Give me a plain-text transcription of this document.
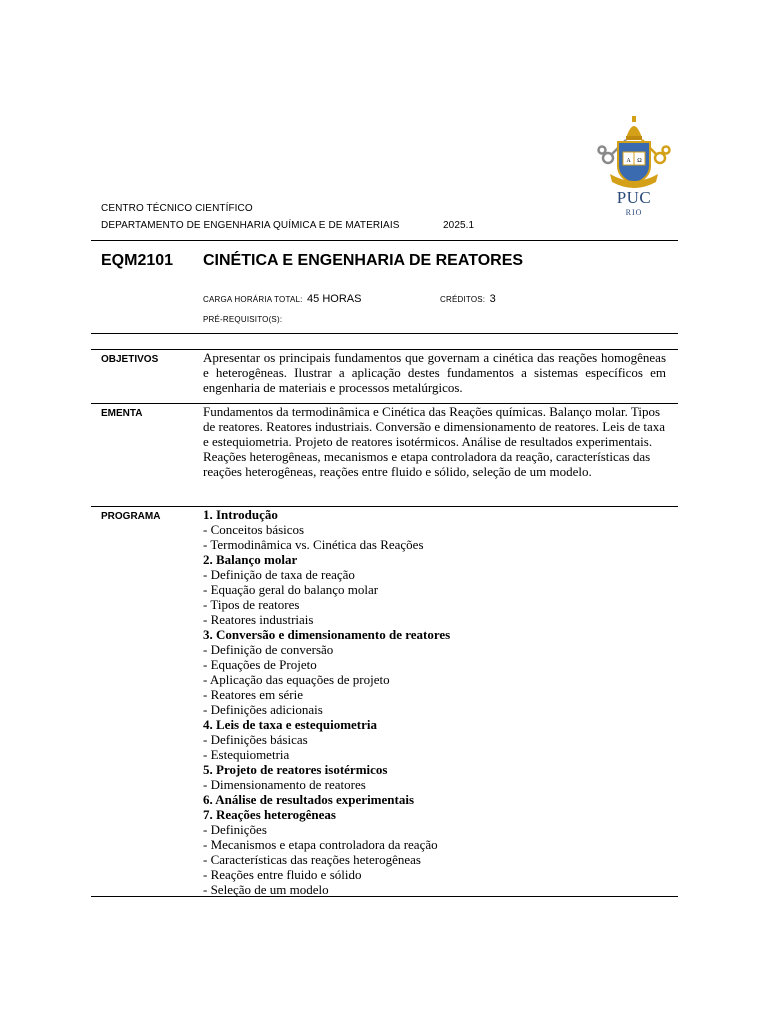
A Ω
PUC
RIO
CENTRO TÉCNICO CIENTÍFICO
DEPARTAMENTO DE ENGENHARIA QUÍMICA E DE MATERIAIS	2025.1
EQM2101 CINÉTICA E ENGENHARIA DE REATORES
CARGA HORÁRIA TOTAL: 45 HORAS	CRÉDITOS: 3
PRÉ-REQUISITO(S):
OBJETIVOS	Apresentar os principais fundamentos que governam a cinética das reações homogêneas e heterogêneas. Ilustrar a aplicação destes fundamentos a sistemas específicos em engenharia de materiais e processos metalúrgicos.
EMENTA	Fundamentos da termodinâmica e Cinética das Reações químicas. Balanço molar. Tipos de reatores. Reatores industriais. Conversão e dimensionamento de reatores. Leis de taxa e estequiometria. Projeto de reatores isotérmicos. Análise de resultados experimentais. Reações heterogêneas, mecanismos e etapa controladora da reação, características das reações heterogêneas, reações entre fluido e sólido, seleção de um modelo.
PROGRAMA	1. Introdução
- Conceitos básicos
- Termodinâmica vs. Cinética das Reações
2. Balanço molar
- Definição de taxa de reação
- Equação geral do balanço molar
- Tipos de reatores
- Reatores industriais
3. Conversão e dimensionamento de reatores
- Definição de conversão
- Equações de Projeto
- Aplicação das equações de projeto
- Reatores em série
- Definições adicionais
4. Leis de taxa e estequiometria
- Definições básicas
- Estequiometria
5. Projeto de reatores isotérmicos
- Dimensionamento de reatores
6. Análise de resultados experimentais
7. Reações heterogêneas
- Definições
- Mecanismos e etapa controladora da reação
- Características das reações heterogêneas
- Reações entre fluido e sólido
- Seleção de um modelo
